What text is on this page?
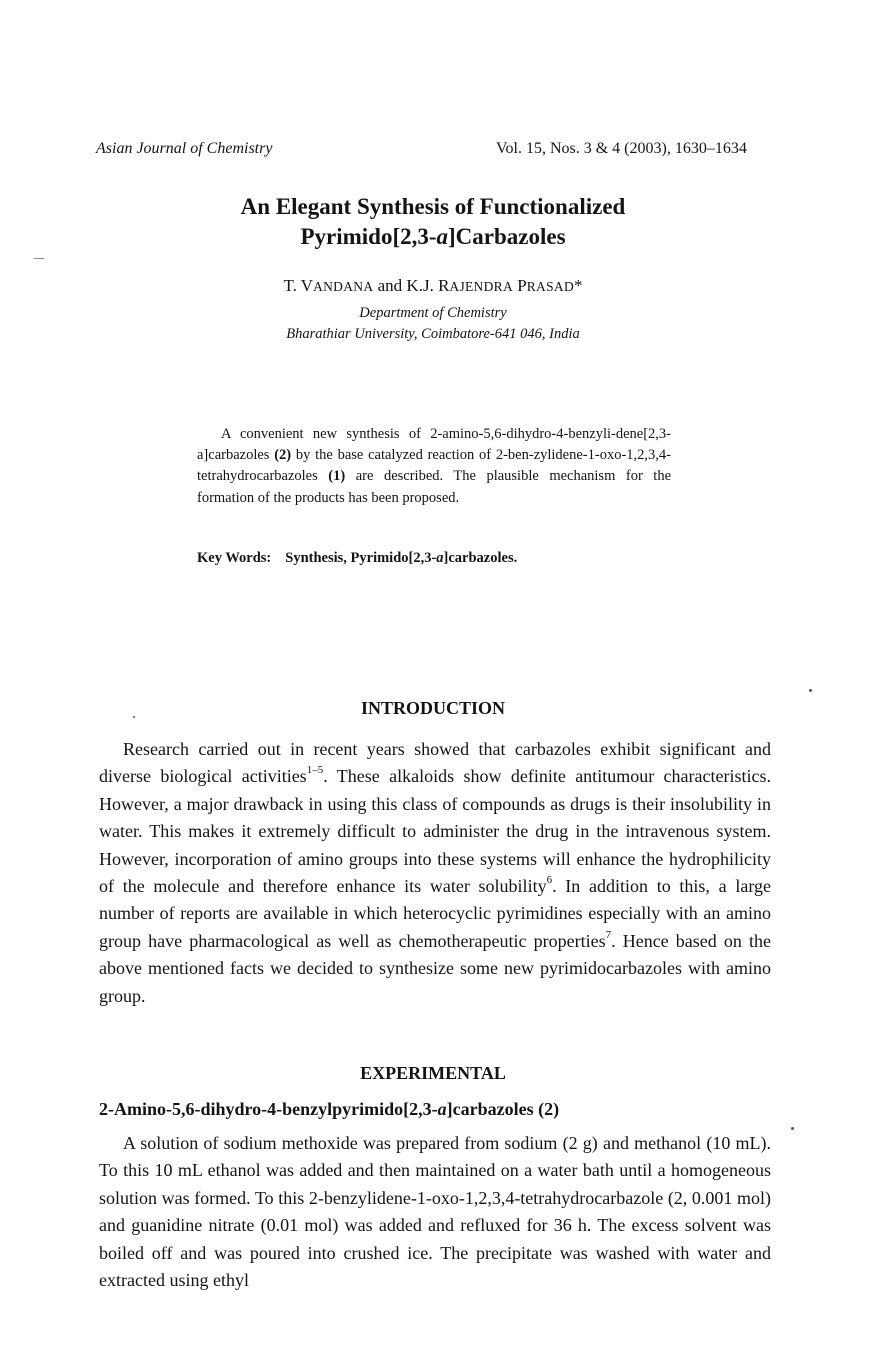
Asian Journal of Chemistry	Vol. 15, Nos. 3 & 4 (2003), 1630–1634
An Elegant Synthesis of Functionalized
Pyrimido[2,3-a]Carbazoles
T. VANDANA and K.J. RAJENDRA PRASAD*
Department of Chemistry
Bharathiar University, Coimbatore-641 046, India

A convenient new synthesis of 2-amino-5,6-dihydro-4-benzyli-dene[2,3-a]carbazoles (2) by the base catalyzed reaction of 2-ben-zylidene-1-oxo-1,2,3,4-tetrahydrocarbazoles (1) are described. The plausible mechanism for the formation of the products has been proposed.

Key Words: Synthesis, Pyrimido[2,3-a]carbazoles.
INTRODUCTION

Research carried out in recent years showed that carbazoles exhibit significant and diverse biological activities$^{1-5}$. These alkaloids show definite antitumour characteristics. However, a major drawback in using this class of compounds as drugs is their insolubility in water. This makes it extremely difficult to administer the drug in the intravenous system. However, incorporation of amino groups into these systems will enhance the hydrophilicity of the molecule and therefore enhance its water solubility$^6$. In addition to this, a large number of reports are available in which heterocyclic pyrimidines especially with an amino group have pharmacological as well as chemotherapeutic properties$^7$. Hence based on the above mentioned facts we decided to synthesize some new pyrimidocarbazoles with amino group.

EXPERIMENTAL
2-Amino-5,6-dihydro-4-benzylpyrimido[2,3-a]carbazoles (2)

A solution of sodium methoxide was prepared from sodium (2 g) and methanol (10 mL). To this 10 mL ethanol was added and then maintained on a water bath until a homogeneous solution was formed. To this 2-benzylidene-1-oxo-1,2,3,4-tetrahydrocarbazole (2, 0.001 mol) and guanidine nitrate (0.01 mol) was added and refluxed for 36 h. The excess solvent was boiled off and was poured into crushed ice. The precipitate was washed with water and extracted using ethyl
